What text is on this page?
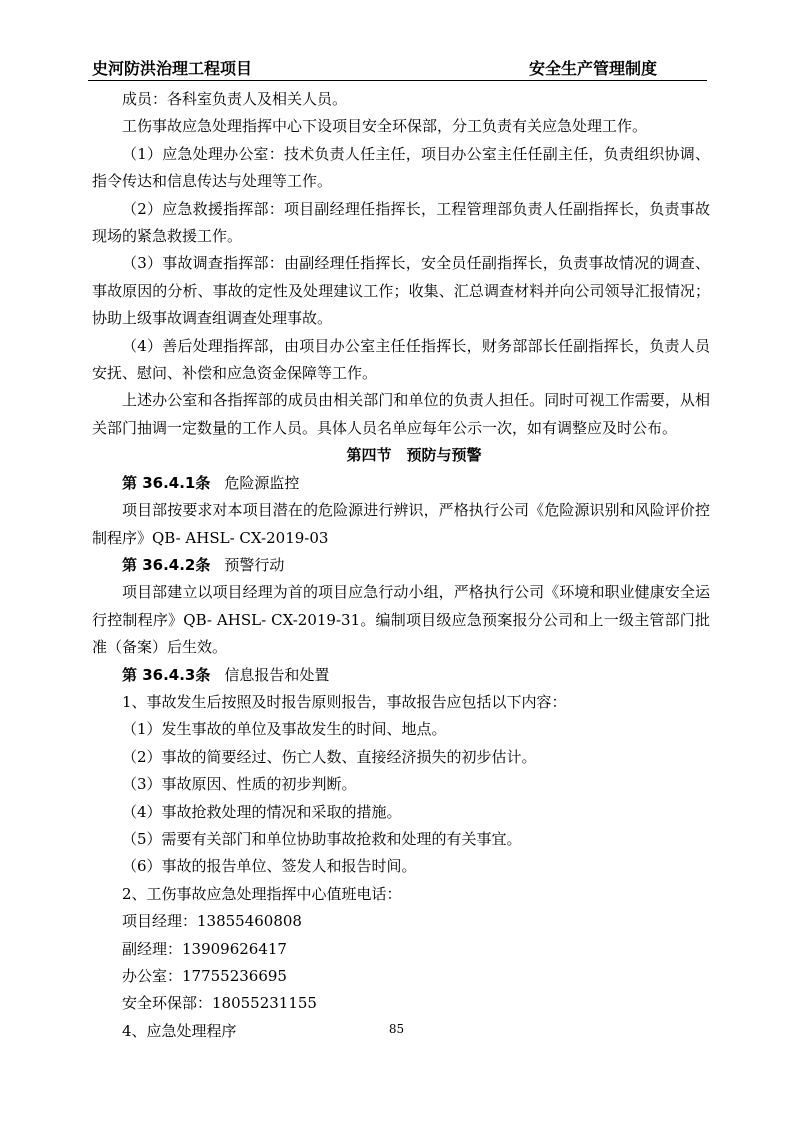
史河防洪治理工程项目	安全生产管理制度

成员：各科室负责人及相关人员。

工伤事故应急处理指挥中心下设项目安全环保部，分工负责有关应急处理工作。

（1）应急处理办公室：技术负责人任主任，项目办公室主任任副主任，负责组织协调、指令传达和信息传达与处理等工作。

（2）应急救援指挥部：项目副经理任指挥长，工程管理部负责人任副指挥长，负责事故现场的紧急救援工作。

（3）事故调查指挥部：由副经理任指挥长，安全员任副指挥长，负责事故情况的调查、事故原因的分析、事故的定性及处理建议工作；收集、汇总调查材料并向公司领导汇报情况；协助上级事故调查组调查处理事故。

（4）善后处理指挥部，由项目办公室主任任指挥长，财务部部长任副指挥长，负责人员安抚、慰问、补偿和应急资金保障等工作。

上述办公室和各指挥部的成员由相关部门和单位的负责人担任。同时可视工作需要，从相关部门抽调一定数量的工作人员。具体人员名单应每年公示一次，如有调整应及时公布。

第四节　预防与预警

第 36.4.1条 危险源监控

项目部按要求对本项目潜在的危险源进行辨识，严格执行公司《危险源识别和风险评价控制程序》QB- AHSL- CX-2019-03

第 36.4.2条 预警行动

项目部建立以项目经理为首的项目应急行动小组，严格执行公司《环境和职业健康安全运行控制程序》QB- AHSL- CX-2019-31。编制项目级应急预案报分公司和上一级主管部门批准（备案）后生效。

第 36.4.3条 信息报告和处置

1、事故发生后按照及时报告原则报告，事故报告应包括以下内容：

（1）发生事故的单位及事故发生的时间、地点。

（2）事故的简要经过、伤亡人数、直接经济损失的初步估计。

（3）事故原因、性质的初步判断。

（4）事故抢救处理的情况和采取的措施。

（5）需要有关部门和单位协助事故抢救和处理的有关事宜。

（6）事故的报告单位、签发人和报告时间。

2、工伤事故应急处理指挥中心值班电话：

项目经理：13855460808

副经理：13909626417

办公室：17755236695

安全环保部：18055231155

4、应急处理程序	85
